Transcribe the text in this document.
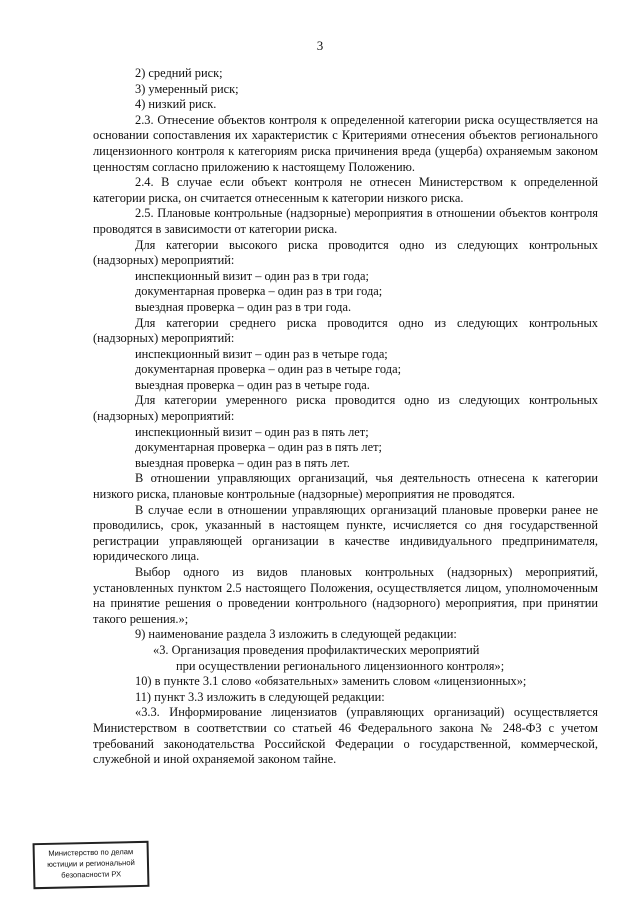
3

2) средний риск;

3) умеренный риск;

4) низкий риск.

2.3. Отнесение объектов контроля к определенной категории риска осуществляется на основании сопоставления их характеристик с Критериями отнесения объектов регионального лицензионного контроля к категориям риска причинения вреда (ущерба) охраняемым законом ценностям согласно приложению к настоящему Положению.

2.4. В случае если объект контроля не отнесен Министерством к определенной категории риска, он считается отнесенным к категории низкого риска.

2.5. Плановые контрольные (надзорные) мероприятия в отношении объектов контроля проводятся в зависимости от категории риска.

Для категории высокого риска проводится одно из следующих контрольных (надзорных) мероприятий:

инспекционный визит – один раз в три года;

документарная проверка – один раз в три года;

выездная проверка – один раз в три года.

Для категории среднего риска проводится одно из следующих контрольных (надзорных) мероприятий:

инспекционный визит – один раз в четыре года;

документарная проверка – один раз в четыре года;

выездная проверка – один раз в четыре года.

Для категории умеренного риска проводится одно из следующих контрольных (надзорных) мероприятий:

инспекционный визит – один раз в пять лет;

документарная проверка – один раз в пять лет;

выездная проверка – один раз в пять лет.

В отношении управляющих организаций, чья деятельность отнесена к категории низкого риска, плановые контрольные (надзорные) мероприятия не проводятся.

В случае если в отношении управляющих организаций плановые проверки ранее не проводились, срок, указанный в настоящем пункте, исчисляется со дня государственной регистрации управляющей организации в качестве индивидуального предпринимателя, юридического лица.

Выбор одного из видов плановых контрольных (надзорных) мероприятий, установленных пунктом 2.5 настоящего Положения, осуществляется лицом, уполномоченным на принятие решения о проведении контрольного (надзорного) мероприятия, при принятии такого решения.»;

9) наименование раздела 3 изложить в следующей редакции:

«3. Организация проведения профилактических мероприятий

при осуществлении регионального лицензионного контроля»;

10) в пункте 3.1 слово «обязательных» заменить словом «лицензионных»;

11) пункт 3.3 изложить в следующей редакции:

«3.3. Информирование лицензиатов (управляющих организаций) осуществляется Министерством в соответствии со статьей 46 Федерального закона № 248-ФЗ с учетом требований законодательства Российской Федерации о государственной, коммерческой, служебной и иной охраняемой законом тайне.

Министерство по делам
юстиции и региональной
безопасности РХ
